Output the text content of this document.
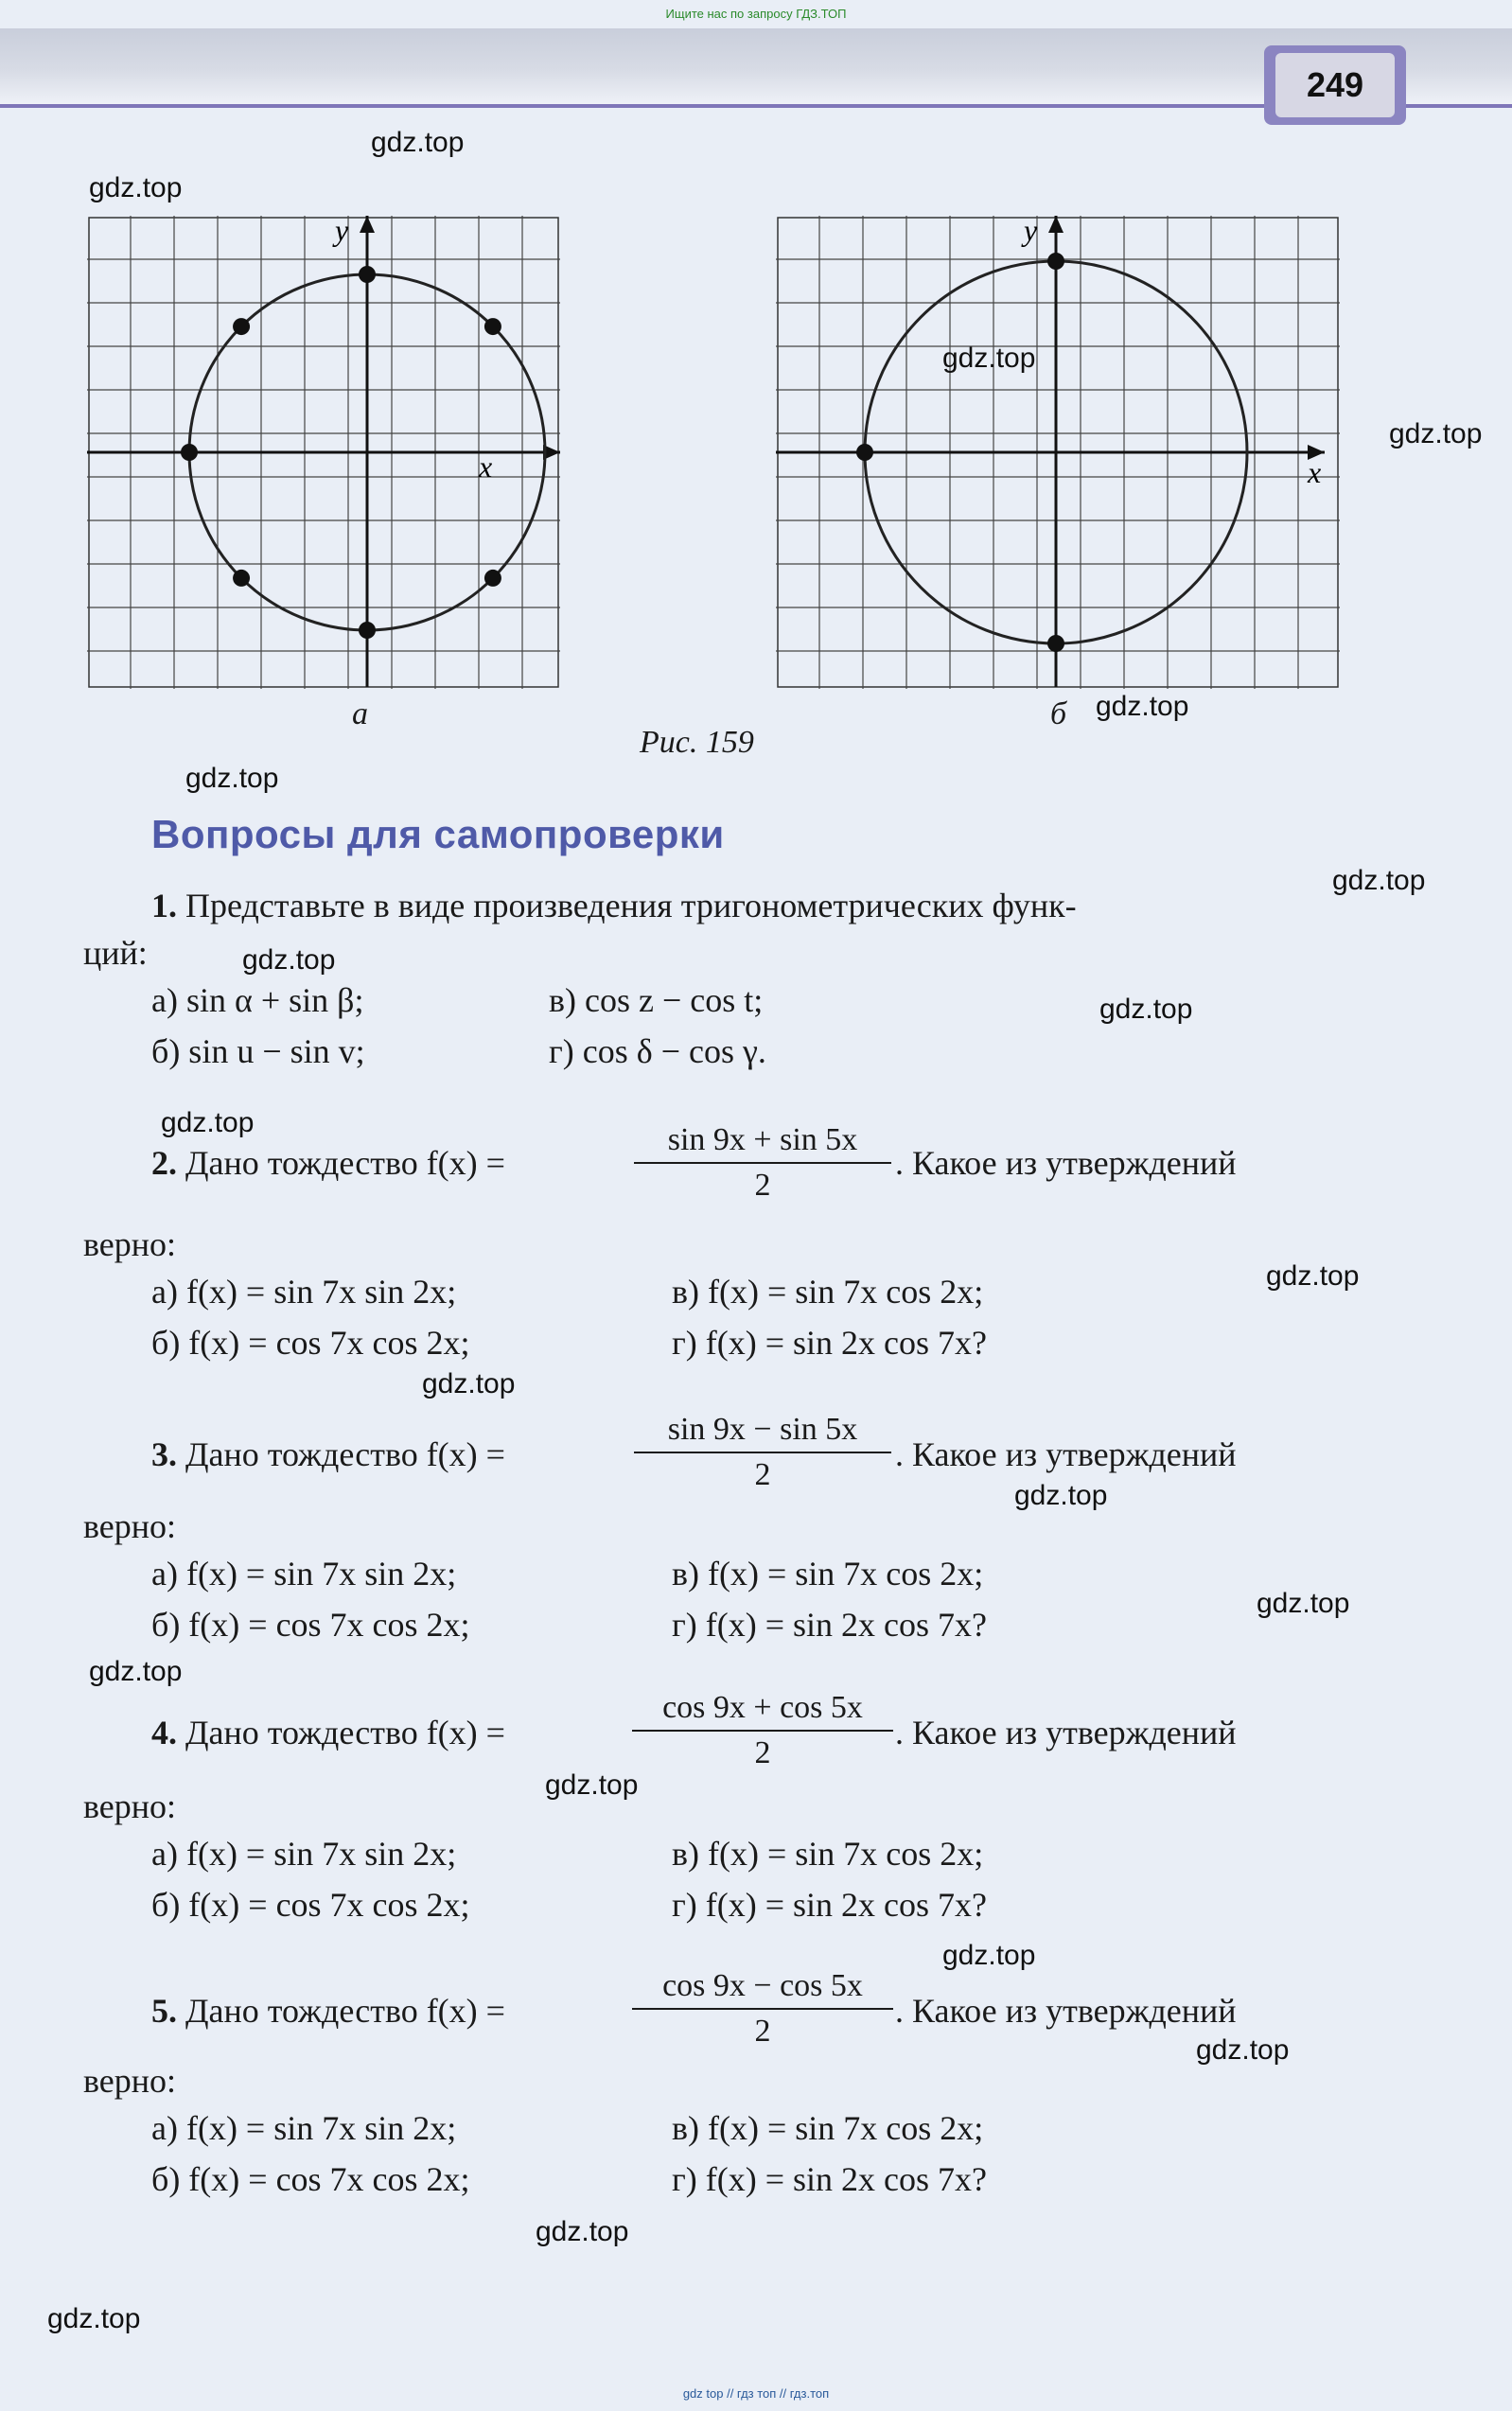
Ищите нас по запросу ГДЗ.ТОП
249
x
y
а
x
y
б
Рис. 159
Вопросы для самопроверки
1. Представьте в виде произведения тригонометрических функ-
ций:
а) sin α + sin β;	в) cos z − cos t;
б) sin u − sin v;	г) cos δ − cos γ.
2. Дано тождество f(x) =
sin 9x + sin 5x
2
. Какое из утверждений
верно:
а) f(x) = sin 7x sin 2x;	в) f(x) = sin 7x cos 2x;
б) f(x) = cos 7x cos 2x;	г) f(x) = sin 2x cos 7x?
3. Дано тождество f(x) =
sin 9x − sin 5x
2
. Какое из утверждений
верно:
а) f(x) = sin 7x sin 2x;	в) f(x) = sin 7x cos 2x;
б) f(x) = cos 7x cos 2x;	г) f(x) = sin 2x cos 7x?
4. Дано тождество f(x) =
cos 9x + cos 5x
2
. Какое из утверждений
верно:
а) f(x) = sin 7x sin 2x;	в) f(x) = sin 7x cos 2x;
б) f(x) = cos 7x cos 2x;	г) f(x) = sin 2x cos 7x?
5. Дано тождество f(x) =
cos 9x − cos 5x
2
. Какое из утверждений
верно:
а) f(x) = sin 7x sin 2x;	в) f(x) = sin 7x cos 2x;
б) f(x) = cos 7x cos 2x;	г) f(x) = sin 2x cos 7x?
gdz.top
gdz.top
gdz.top
gdz.top
gdz.top
gdz.top
gdz.top
gdz.top
gdz.top
gdz.top
gdz.top
gdz.top
gdz.top
gdz.top
gdz.top
gdz.top
gdz.top
gdz.top
gdz.top
gdz.top
gdz top // гдз топ // гдз.топ
